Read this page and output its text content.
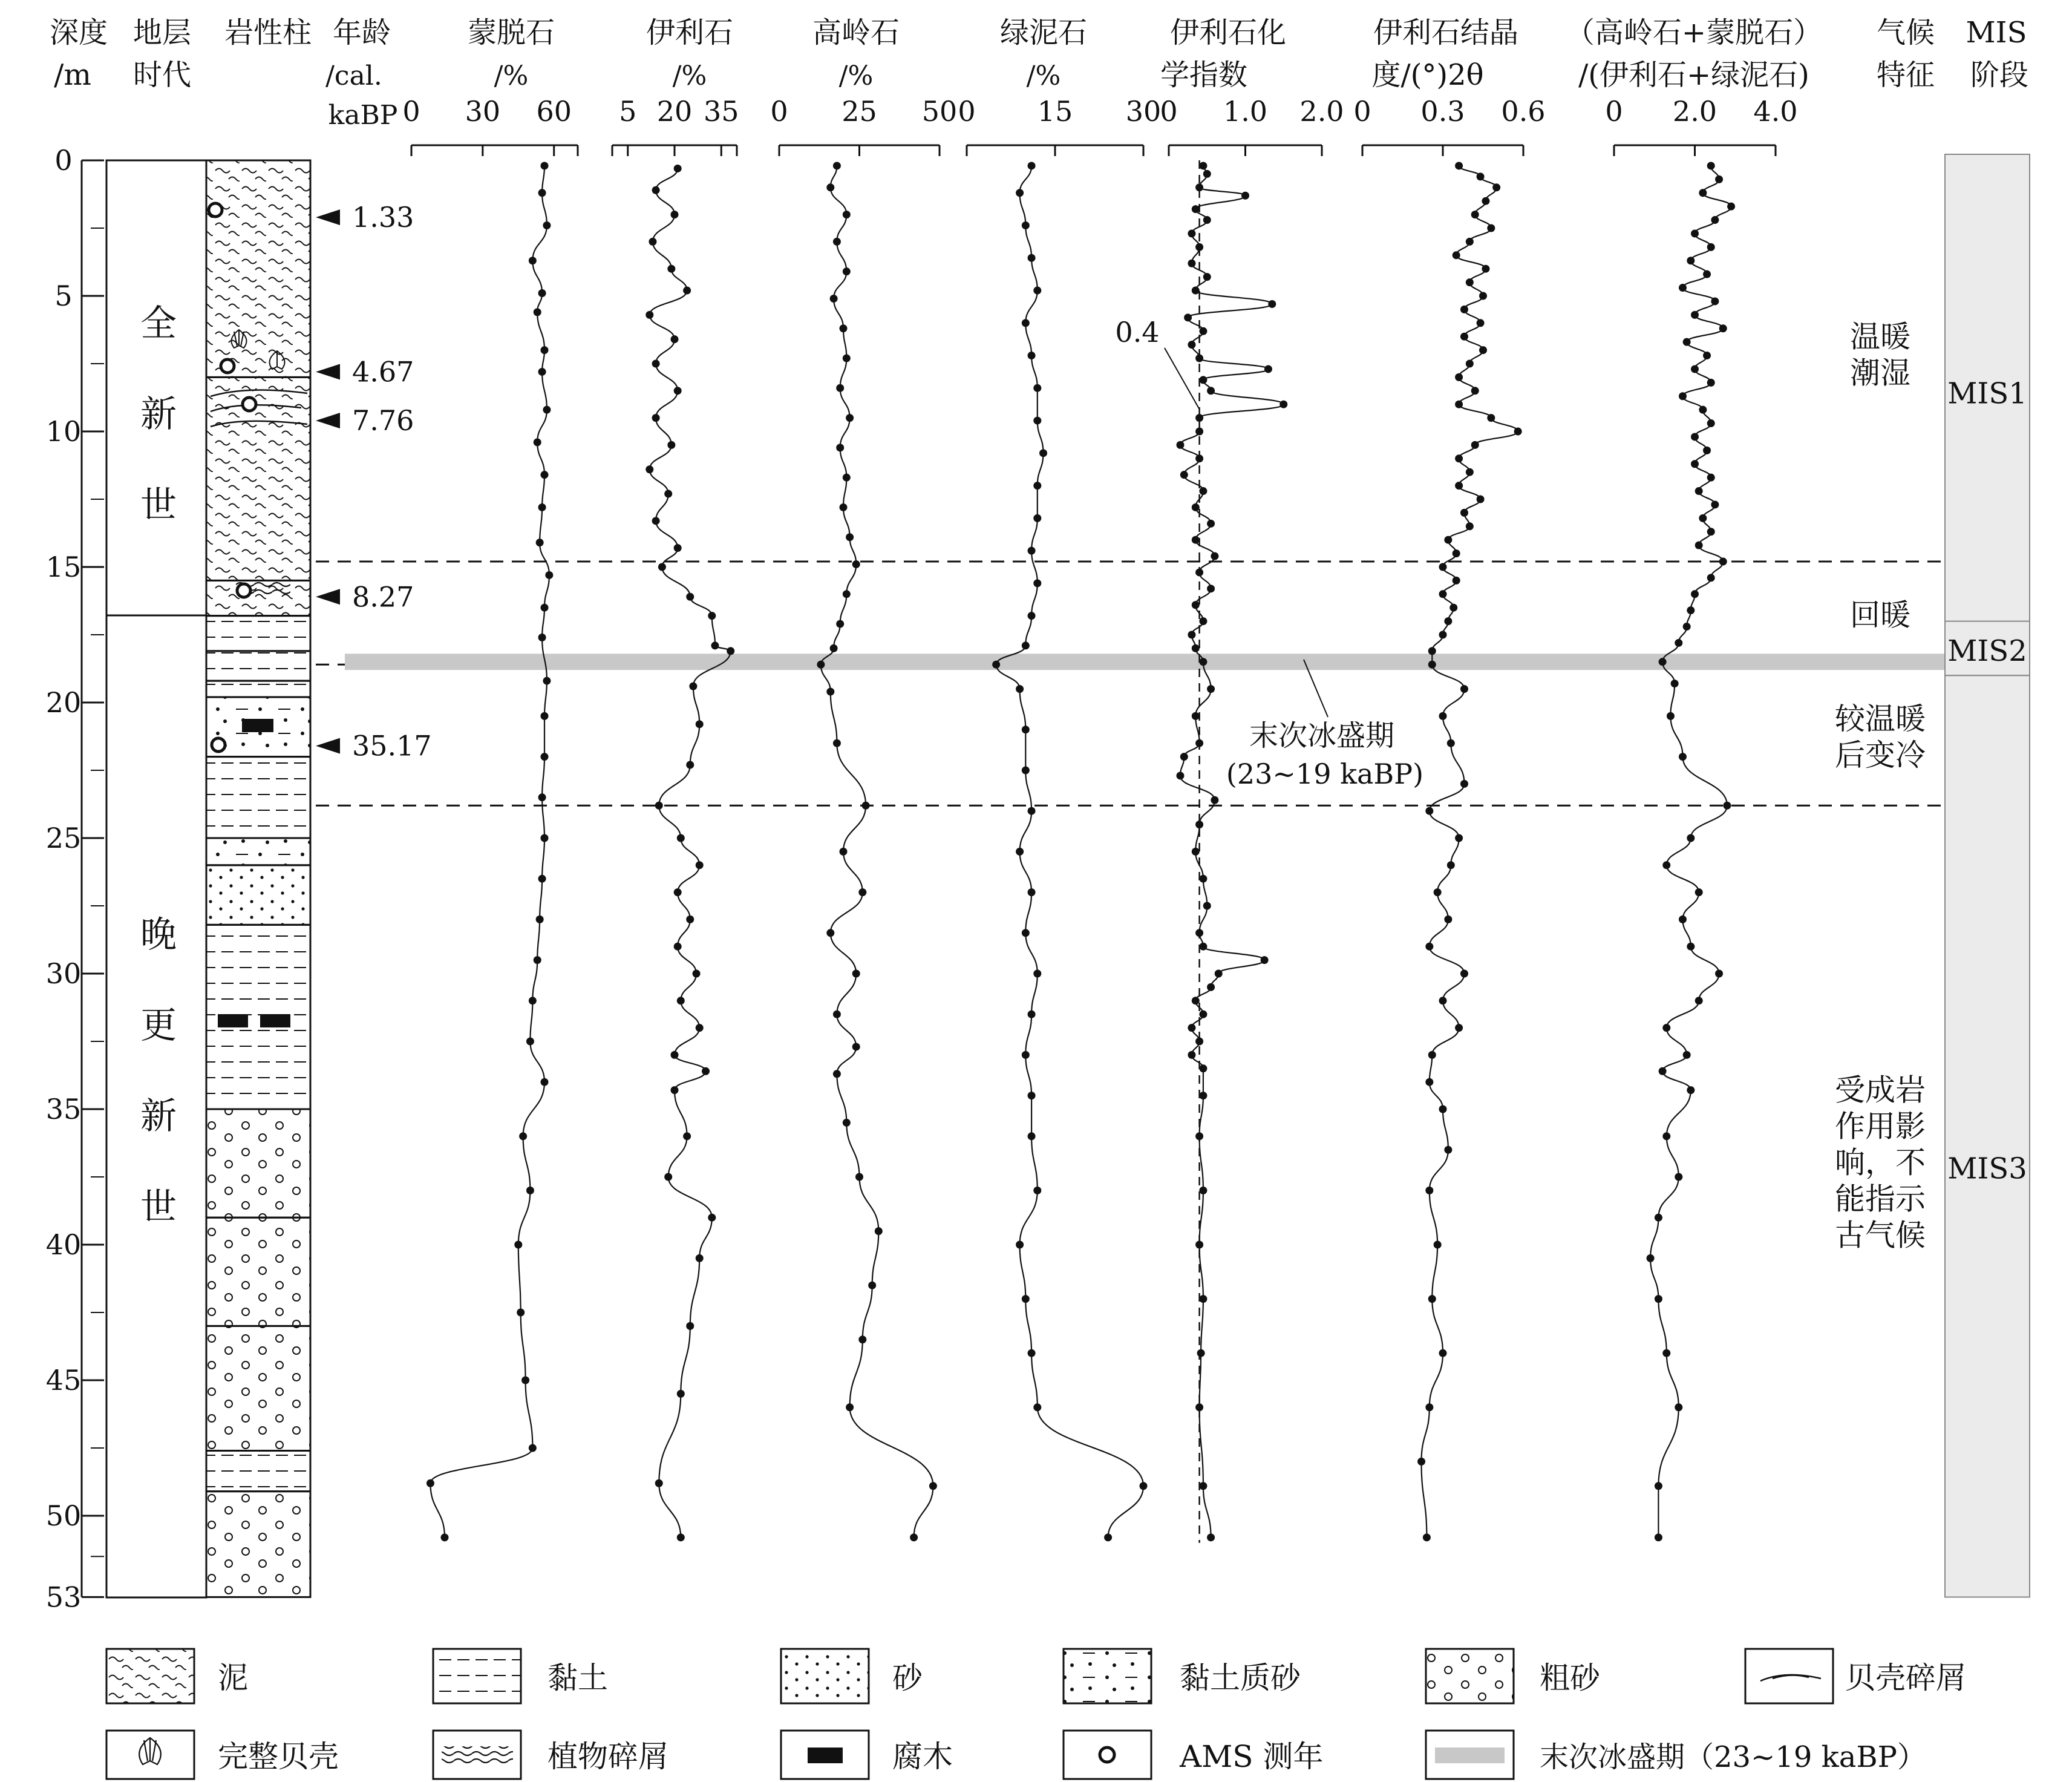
深度
/m
地层
时代
岩性柱 年龄
/cal.
kaBP
气候
特征
MIS
阶段
蒙脱石
/%
伊利石
/%
高岭石
/%
绿泥石
/%
伊利石化
学指数
伊利石结晶
度/(°)2θ
（高岭石+蒙脱石）
/(伊利石+绿泥石)
0 30 60 5 20 35 0 25 50 0 15 30
0 1.0 2.0 0 0.3 0.6 0 2.0 4.0
0
5
10
15
20
25
30
35
40
45
50
53
全
新
世
晚
更
新
世
1.33
4.67
7.76
8.27
35.17
0.4
末次冰盛期
(23~19 kaBP)
温暖
潮湿
回暖
较温暖
后变冷
受成岩
作用影
响，不
能指示
古气候
MIS1
MIS2
MIS3
泥	黏土	砂	黏土质砂	粗砂	贝壳碎屑
完整贝壳	植物碎屑	腐木	AMS 测年	末次冰盛期（23~19 kaBP）
